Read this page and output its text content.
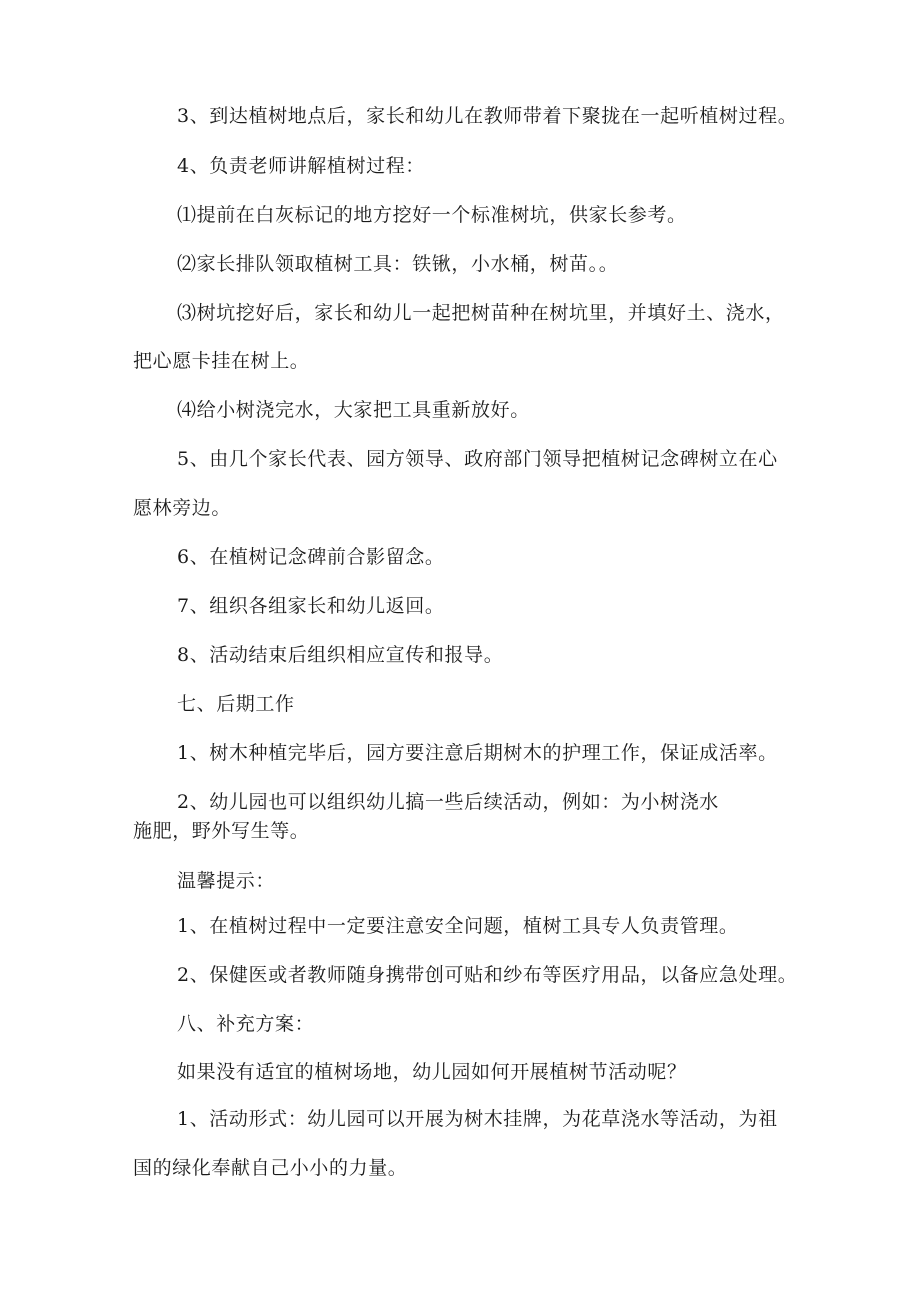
3、到达植树地点后，家长和幼儿在教师带着下聚拢在一起听植树过程。
4、负责老师讲解植树过程：
⑴提前在白灰标记的地方挖好一个标准树坑，供家长参考。
⑵家长排队领取植树工具：铁锹，小水桶，树苗。。
⑶树坑挖好后，家长和幼儿一起把树苗种在树坑里，并填好土、浇水，
把心愿卡挂在树上。
⑷给小树浇完水，大家把工具重新放好。
5、由几个家长代表、园方领导、政府部门领导把植树记念碑树立在心
愿林旁边。
6、在植树记念碑前合影留念。
7、组织各组家长和幼儿返回。
8、活动结束后组织相应宣传和报导。
七、后期工作
1、树木种植完毕后，园方要注意后期树木的护理工作，保证成活率。
2、幼儿园也可以组织幼儿搞一些后续活动，例如：为小树浇水
施肥，野外写生等。
温馨提示：
1、在植树过程中一定要注意安全问题，植树工具专人负责管理。
2、保健医或者教师随身携带创可贴和纱布等医疗用品，以备应急处理。
八、补充方案：
如果没有适宜的植树场地，幼儿园如何开展植树节活动呢？
1、活动形式：幼儿园可以开展为树木挂牌，为花草浇水等活动，为祖
国的绿化奉献自己小小的力量。
